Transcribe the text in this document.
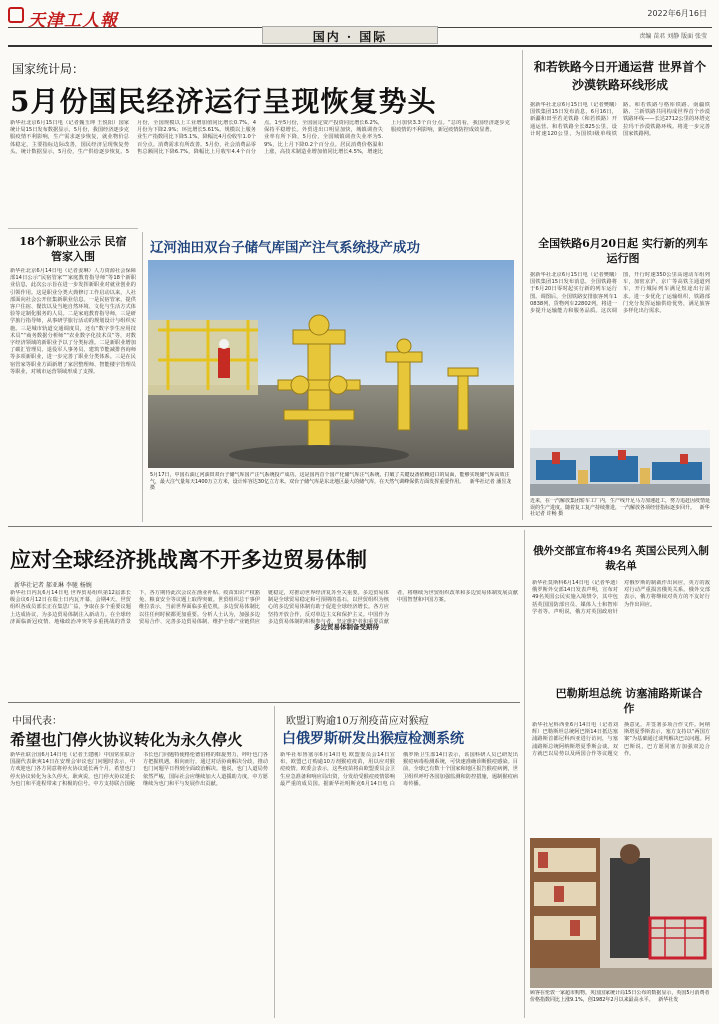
天津工人報	2022年6月16日
国内 · 国际	责编 苗君 刘静 版面 张莹
国家统计局：
5月份国民经济运行呈现恢复势头
新华社北京6月15日电（记者魏玉坤 王悦阳）国家统计局15日发布数据显示，5月份，我国经济逐步克服疫情不利影响，生产需求逐步恢复，就业物价总体稳定，主要指标边际改善，国民经济呈现恢复势头。统计数据显示，5月份，生产供给逐步恢复。5月份，全国规模以上工业增加值同比增长0.7%，4月份为下降2.9%；环比增长5.61%。规模以上服务业生产指数同比下降5.1%，降幅比4月份收窄1.0个百分点。消费需求有所改善。5月份，社会消费品零售总额同比下降6.7%，降幅比上月收窄4.4个百分点。1至5月份，全国固定资产投资同比增长6.2%，保持平稳增长。外贸进出口明显加快，城镇调查失业率有所下降，5月份，全国城镇调查失业率为5.9%，比上月下降0.2个百分点。居民消费价格温和上涨，高技术制造业增加值同比增长4.5%，增速比上月加快3.3个百分点。“总的看，我国经济逐步克服疫情的不利影响，新冠疫情防控成效显著。
18个新职业公示 民宿管家入围
新华社北京6月14日电（记者姜琳）人力资源社会保障部14日公示“民宿管家”“家庭教育指导师”等18个新职业信息，此次公示旨在进一步发挥新职业对就业创业的引领作用。这是职业分类大典修订工作启动以来，人社部面向社会公开征集新职业信息。一是民宿管家，提供客户住宿、餐饮以及当地自然环境、文化与生活方式体验等定制化服务的人员。二是家庭教育指导师，三是研学旅行指导师，从事研学旅行活动的规划设计与组织实施。三是城市轨道交通调度员，还有“数字孪生应用技术员”“商务数据分析师”“农业数字化技术员”等，对数字经济领域的新职业予以了分类标准。二是新职业增加了碳汇管理员、退役军人事务员、建筑节能减排咨询师等多项新职业，进一步完善了职业分类体系。三是在民宿管家等职业方面新增了家居整理师、智能楼宇管理员等职业，对城市运营领域形成了支撑。
辽河油田双台子储气库国产注气系统投产成功
5月17日，中国石油辽河油田双台子储气库国产注气系统投产成功。这是国内首个国产化储气库注气系统，打破了关键设备依赖进口的局面，能够实现储气库高效注气，最大注气量每天1400万立方米，设计库容达30亿立方米。双台子储气库是东北地区最大的储气库，在天然气调峰保供方面发挥重要作用。 新华社记者 潘昱龙 摄
和若铁路今日开通运营 世界首个沙漠铁路环线形成
据新华社北京6月15日电（记者樊曦）国铁集团15日发布消息，6月16日，新疆和田至若羌铁路（和若铁路）开通运营。和若铁路全长825公里，设计时速120公里，为国铁I级单线铁路。和若铁路与格库铁路、南疆铁路、兰新铁路共同构成世界首个沙漠铁路环线——长达2712公里的环塔克拉玛干沙漠铁路环线。将进一步完善国家铁路网。
全国铁路6月20日起 实行新的列车运行图
据新华社北京6月15日电（记者樊曦）国铁集团15日发布消息，全国铁路将于6月20日零时起实行新的列车运行图。调图后，全国铁路安排旅客列车10838列，货物列车22802列，将进一步提升运输能力和服务品质。这次调图，开行时速350公里高速动车组列车，加密京沪、京广等高铁主通道列车，开行城际列车满足短途出行需求。进一步优化了运输组织，铁路部门充分发挥运输供给优势，满足旅客多样化出行需求。
近来，在一汽解放集团轿车工厂内，生产线开足马力加速赶工，努力追赶因疫情延误的生产进度。随着复工复产持续推进，一汽解放各项经营指标逐步回升。 新华社记者 许畅 摄
应对全球经济挑战离不开多边贸易体制
新华社记者 郝亚琳 李驰 杨婉
多边贸易体制备受期待
新华社日内瓦6月14日电 世界贸易组织第12届部长级会议6月12日在瑞士日内瓦开幕，会期4天。世贸组织各成员部长正在集思广益，争取在多个重要议题上达成协议，为多边贸易体制注入新动力。在全球经济面临新冠疫情、地缘政治冲突等多重挑战的背景下，各方期待此次会议在渔业补贴、疫苗知识产权豁免、粮食安全等议题上取得突破。世贸组织总干事伊维拉表示，当前世界面临多重危机，多边贸易体制比以往任何时候都更加重要。分析人士认为，加强多边贸易合作、完善多边贸易体制、维护全球产业链供应链稳定，对推动世界经济复苏至关重要。多边贸易体制是全球贸易稳定和可预期的基石，以世贸组织为核心的多边贸易体制有助于促进全球经济增长。各方应坚持开放合作，反对单边主义和保护主义。中国作为多边贸易体制的积极参与者、坚定维护者和重要贡献者，将继续为世贸组织改革和多边贸易体制发展贡献中国智慧和中国方案。
俄外交部宣布将49名 英国公民列入制裁名单
新华社莫斯科6月14日电（记者华迪）俄罗斯外交部14日发表声明，宣布对49名英国公民实施入境禁令，其中包括英国国防部官员、媒体人士和智库学者等。声明说，俄方对英国政府针对俄罗斯的制裁作出回应，英方的敌对行动严重损害俄英关系。俄外交部表示，俄方将继续对英方的不友好行为作出回应。
巴勒斯坦总统 访塞浦路斯谋合作
新华社尼科西亚6月14日电（记者刘辉）巴勒斯坦总统阿巴斯14日抵达塞浦路斯首都尼科西亚进行访问，与塞浦路斯总统阿纳斯塔夏季斯会谈。双方就巴以局势以及两国合作等议题交换意见，并签署多项合作文件。阿纳斯塔夏季斯表示，塞方支持以“两国方案”为基础通过谈判解决巴以问题。阿巴斯说，巴方愿同塞方加强双边合作。
顾客在伦敦一家超市购物。英国国家统计局15日公布的数据显示，英国5月消费者价格指数同比上涨9.1%，创1982年2月以来最高水平。 新华社发
中国代表：
希望也门停火协议转化为永久停火
新华社联合国6月14日电（记者王建刚）中国常驻联合国副代表耿爽14日在安理会审议也门问题时表示，中方欢迎也门各方同意将停火协议延长两个月，希望也门停火协议转化为永久停火。耿爽说，也门停火协议延长为也门和平进程带来了积极的信号。中方支持联合国秘书长也门问题特使格伦德伯格的斡旋努力，呼吁也门各方把握机遇，相向而行，通过对话协商解决分歧，推动也门问题早日得到全面政治解决。他说，也门人道局势依然严峻，国际社会应继续加大人道援助力度，中方愿继续为也门和平与发展作出贡献。
欧盟订购逾10万剂疫苗应对猴痘
白俄罗斯研发出猴痘检测系统
新华社布鲁塞尔6月14日电 欧盟委员会14日宣布，欧盟已订购逾10万剂猴痘疫苗，用以应对猴痘疫情。欧委会表示，这些疫苗将由欧盟委员会卫生应急准备和响应局出资，分发给受猴痘疫情影响最严重的成员国。据新华社明斯克6月14日电 白俄罗斯卫生部14日表示，该国科研人员已研发出猴痘病毒检测系统，可快速准确诊断猴痘感染。目前，全球已有数十个国家和地区报告猴痘病例，世卫组织呼吁各国加强监测和防控措施，遏制猴痘病毒传播。
